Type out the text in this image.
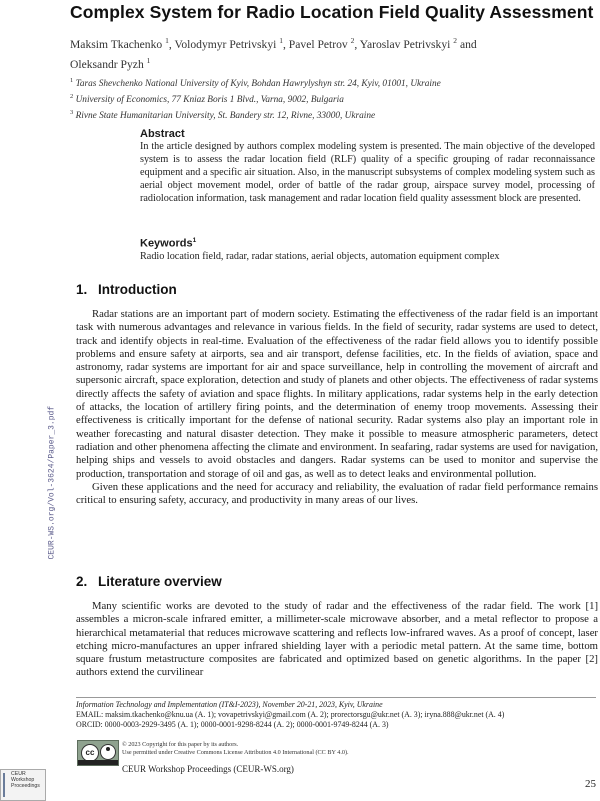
Complex System for Radio Location Field Quality Assessment
Maksim Tkachenko $^1$, Volodymyr Petrivskyi $^1$, Pavel Petrov $^2$, Yaroslav Petrivskyi $^2$ and
Oleksandr Pyzh $^1$
$^1$ Taras Shevchenko National University of Kyiv, Bohdan Hawrylyshyn str. 24, Kyiv, 01001, Ukraine
$^2$ University of Economics, 77 Kniaz Boris 1 Blvd., Varna, 9002, Bulgaria
$^3$ Rivne State Humanitarian University, St. Bandery str. 12, Rivne, 33000, Ukraine
Abstract
In the article designed by authors complex modeling system is presented. The main objective of the developed system is to assess the radar location field (RLF) quality of a specific grouping of radar reconnaissance equipment and a specific air situation. Also, in the manuscript subsystems of complex modeling system such as aerial object movement model, order of battle of the radar group, airspace survey model, processing of radiolocation information, task management and radar location field quality assessment block are presented.
Keywords$^1$
Radio location field, radar, radar stations, aerial objects, automation equipment complex
1. Introduction

Radar stations are an important part of modern society. Estimating the effectiveness of the radar field is an important task with numerous advantages and relevance in various fields. In the field of security, radar systems are used to detect, track and identify objects in real-time. Evaluation of the effectiveness of the radar field allows you to identify possible problems and ensure safety at airports, sea and air transport, defense facilities, etc. In the fields of aviation, space and astronomy, radar systems are important for air and space surveillance, help in controlling the movement of aircraft and supersonic aircraft, space exploration, detection and study of planets and other objects. The effectiveness of radar systems directly affects the safety of aviation and space flights. In military applications, radar systems help in the early detection of attacks, the location of artillery firing points, and the determination of enemy troop movements. Assessing their effectiveness is critically important for the defense of national security. Radar systems also play an important role in weather forecasting and natural disaster detection. They make it possible to measure atmospheric parameters, detect radiation and other phenomena affecting the climate and environment. In seafaring, radar systems are used for navigation, helping ships and vessels to avoid obstacles and dangers. Radar systems can be used to monitor and supervise the production, transportation and storage of oil and gas, as well as to detect leaks and environmental pollution.

Given these applications and the need for accuracy and reliability, the evaluation of radar field performance remains critical to ensuring safety, accuracy, and productivity in many areas of our lives.

2. Literature overview

Many scientific works are devoted to the study of radar and the effectiveness of the radar field. The work [1] assembles a micron-scale infrared emitter, a millimeter-scale microwave absorber, and a metal reflector to propose a hierarchical metamaterial that reduces microwave scattering and reflects low-infrared waves. As a proof of concept, laser etching micro-manufactures an upper infrared shielding layer with a periodic metal pattern. At the same time, bottom square frustum metastructure composites are fabricated and optimized based on genetic algorithms. In the paper [2] authors extend the curvilinear

Information Technology and Implementation (IT&I-2023), November 20-21, 2023, Kyiv, Ukraine
EMAIL: maksim.tkachenko@knu.ua (A. 1); vovapetrivskyi@gmail.com (A. 2); prorectorsgu@ukr.net (A. 3); iryna.888@ukr.net (A. 4)
ORCID: 0000-0003-2929-3495 (A. 1); 0000-0001-9298-8244 (A. 2); 0000-0001-9749-8244 (A. 3)
cc
© 2023 Copyright for this paper by its authors.
Use permitted under Creative Commons License Attribution 4.0 International (CC BY 4.0).
CEUR Workshop Proceedings (CEUR-WS.org)
CEUR
Workshop
Proceedings
CEUR-WS.org/Vol-3624/Paper_3.pdf
25
